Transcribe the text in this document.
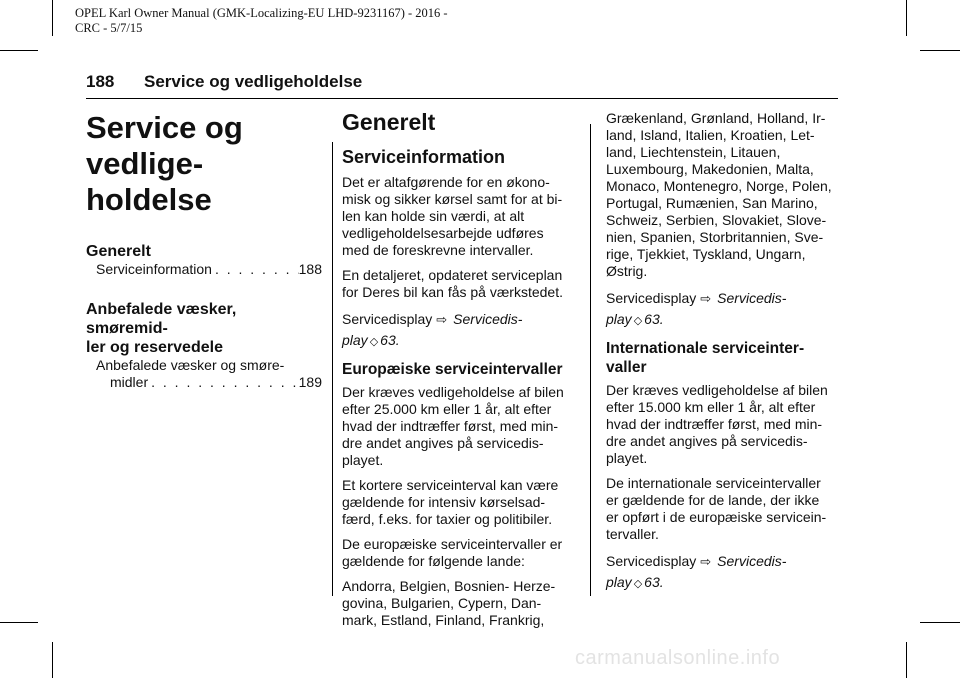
OPEL Karl Owner Manual (GMK-Localizing-EU LHD-9231167) - 2016 -
CRC - 5/7/15
188 Service og vedligeholdelse
Service og vedlige-
holdelse
Generelt
Serviceinformation . . .	188
Anbefalede væsker, smøremid-
ler og reservedele
Anbefalede væsker og smøre-
midler . . .	189
Generelt
Serviceinformation
Det er altafgørende for en økono-
misk og sikker kørsel samt for at bi-
len kan holde sin værdi, at alt
vedligeholdelsesarbejde udføres
med de foreskrevne intervaller.
En detaljeret, opdateret serviceplan
for Deres bil kan fås på værkstedet.
Servicedisplay ⇨ Servicedis-
play ◇ 63.
Europæiske serviceintervaller
Der kræves vedligeholdelse af bilen
efter 25.000 km eller 1 år, alt efter
hvad der indtræffer først, med min-
dre andet angives på servicedis-
playet.
Et kortere serviceinterval kan være
gældende for intensiv kørselsad-
færd, f.eks. for taxier og politibiler.
De europæiske serviceintervaller er
gældende for følgende lande:
Andorra, Belgien, Bosnien- Herze-
govina, Bulgarien, Cypern, Dan-
mark, Estland, Finland, Frankrig,
Grækenland, Grønland, Holland, Ir-
land, Island, Italien, Kroatien, Let-
land, Liechtenstein, Litauen,
Luxembourg, Makedonien, Malta,
Monaco, Montenegro, Norge, Polen,
Portugal, Rumænien, San Marino,
Schweiz, Serbien, Slovakiet, Slove-
nien, Spanien, Storbritannien, Sve-
rige, Tjekkiet, Tyskland, Ungarn,
Østrig.
Servicedisplay ⇨ Servicedis-
play ◇ 63.
Internationale serviceinter-
valler
Der kræves vedligeholdelse af bilen
efter 15.000 km eller 1 år, alt efter
hvad der indtræffer først, med min-
dre andet angives på servicedis-
playet.
De internationale serviceintervaller
er gældende for de lande, der ikke
er opført i de europæiske servicein-
tervaller.
Servicedisplay ⇨ Servicedis-
play ◇ 63.
carmanualsonline.info
